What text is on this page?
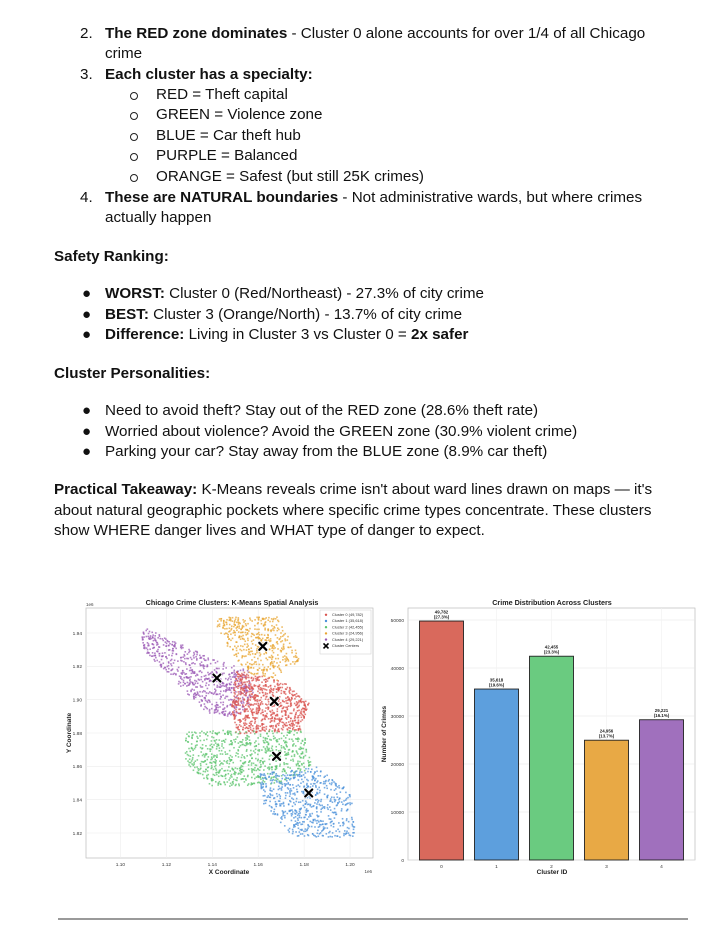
2. The RED zone dominates - Cluster 0 alone accounts for over 1/4 of all Chicago
crime
3. Each cluster has a specialty:
RED = Theft capital
GREEN = Violence zone
BLUE = Car theft hub
PURPLE = Balanced
ORANGE = Safest (but still 25K crimes)
4. These are NATURAL boundaries - Not administrative wards, but where crimes
actually happen
Safety Ranking:
● WORST: Cluster 0 (Red/Northeast) - 27.3% of city crime
● BEST: Cluster 3 (Orange/North) - 13.7% of city crime
● Difference: Living in Cluster 3 vs Cluster 0 = 2x safer
Cluster Personalities:
● Need to avoid theft? Stay out of the RED zone (28.6% theft rate)
● Worried about violence? Avoid the GREEN zone (30.9% violent crime)
● Parking your car? Stay away from the BLUE zone (8.9% car theft)
Practical Takeaway: K-Means reveals crime isn't about ward lines drawn on maps — it's about natural geographic pockets where specific crime types concentrate. These clusters show WHERE danger lives and WHAT type of danger to expect.
Chicago Crime Clusters: K-Means Spatial Analysis
1.10	1.12	1.14	1.16	1.18	1.20
1.82
1.84
1.86
1.88
1.90
1.92
1.94
X Coordinate
Y Coordinate
1e6
1e6
Cluster 0 (49,782)
Cluster 1 (35,618)
Cluster 2 (42,455)
Cluster 3 (24,956)
Cluster 4 (29,221)
Cluster Centers
Crime Distribution Across Clusters
49,782
(27.3%)
35,618
(19.6%)
42,455
(23.3%)
24,956
(13.7%)
29,221
(16.1%)
0	1	2	3	4
0
10000
20000
30000
40000
50000
Cluster ID
Number of Crimes
